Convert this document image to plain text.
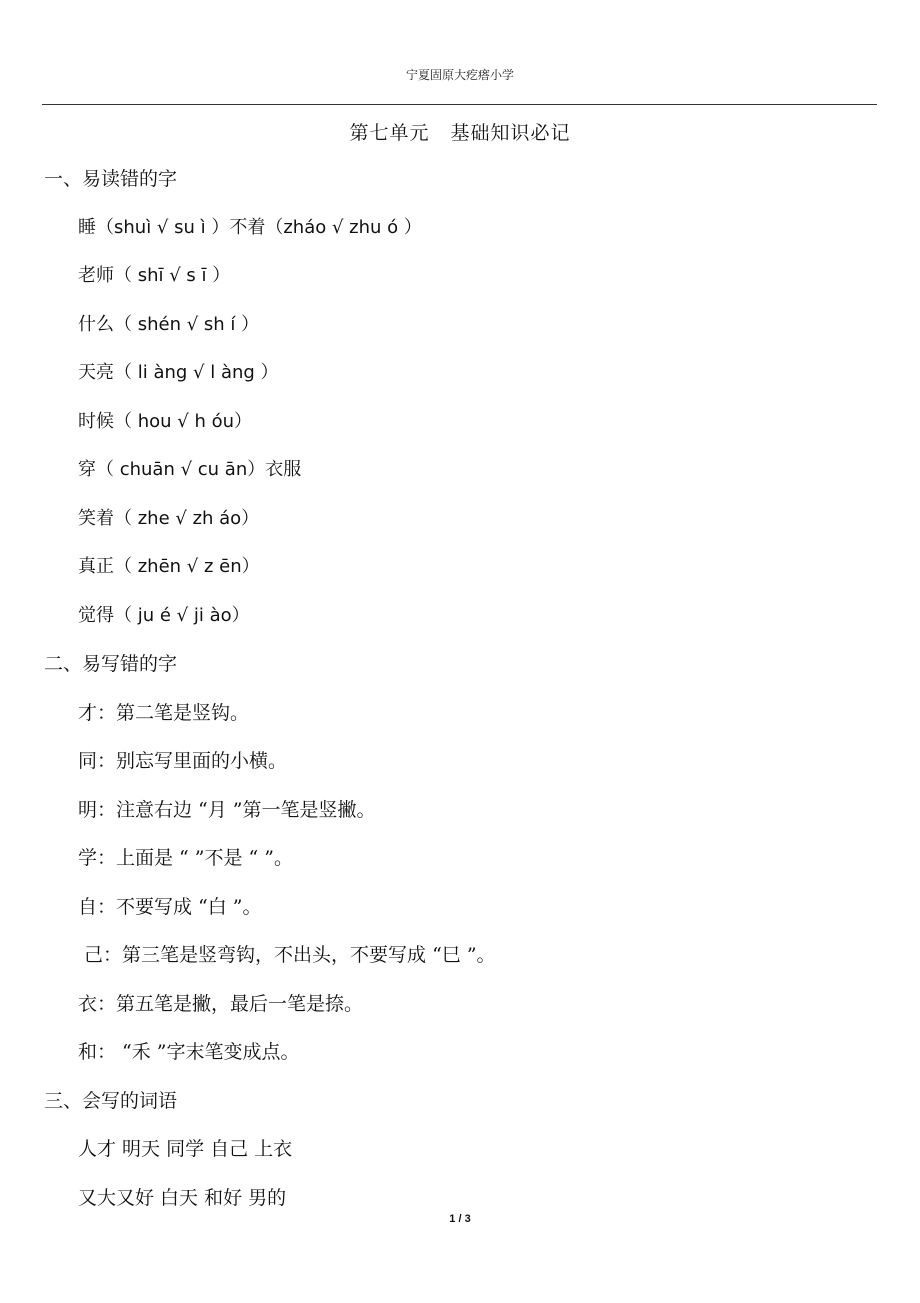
宁夏固原大疙瘩小学
第七单元 基础知识必记
一、易读错的字
睡（shuì √ su ì ）不着（zháo √ zhu ó ）
老师（ shī √ s ī ）
什么（ shén √ sh í ）
天亮（ li àng √ l àng ）
时候（ hou √ h óu）
穿（ chuān √ cu ān）衣服
笑着（ zhe √ zh áo）
真正（ zhēn √ z ēn）
觉得（ ju é √ ji ào）
二、易写错的字
才：第二笔是竖钩。
同：别忘写里面的小横。
明：注意右边 “月 ”第一笔是竖撇。
学：上面是 “ ”不是 “ ”。
自：不要写成 “白 ”。
己：第三笔是竖弯钩，不出头，不要写成 “巳 ”。
衣：第五笔是撇，最后一笔是捺。
和： “禾 ”字末笔变成点。
三、会写的词语
人才 明天 同学 自己 上衣
又大又好 白天 和好 男的
1 / 3
